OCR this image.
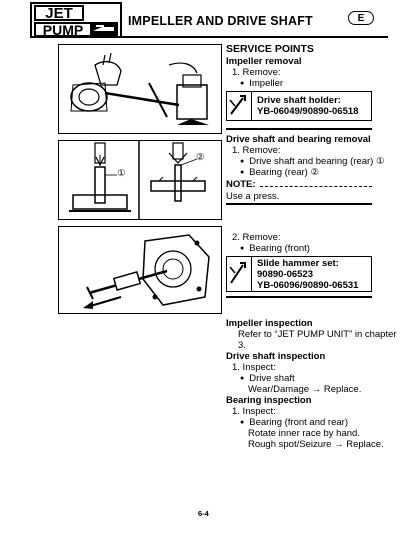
JET
PUMP
IMPELLER AND DRIVE SHAFT	E
①
②
SERVICE POINTS
Impeller removal
1. Remove:
● Impeller
Drive shaft holder:
YB-06049/90890-06518
Drive shaft and bearing removal
1. Remove:
● Drive shaft and bearing (rear) ①
● Bearing (rear) ②
NOTE:
Use a press.
2. Remove:
● Bearing (front)
Slide hammer set:
90890-06523
YB-06096/90890-06531
Impeller inspection
Refer to “JET PUMP UNIT” in chapter
3.
Drive shaft inspection
1. Inspect:
● Drive shaft
Wear/Damage → Replace.
Bearing inspection
1. Inspect:
● Bearing (front and rear)
Rotate inner race by hand.
Rough spot/Seizure → Replace.
6-4
